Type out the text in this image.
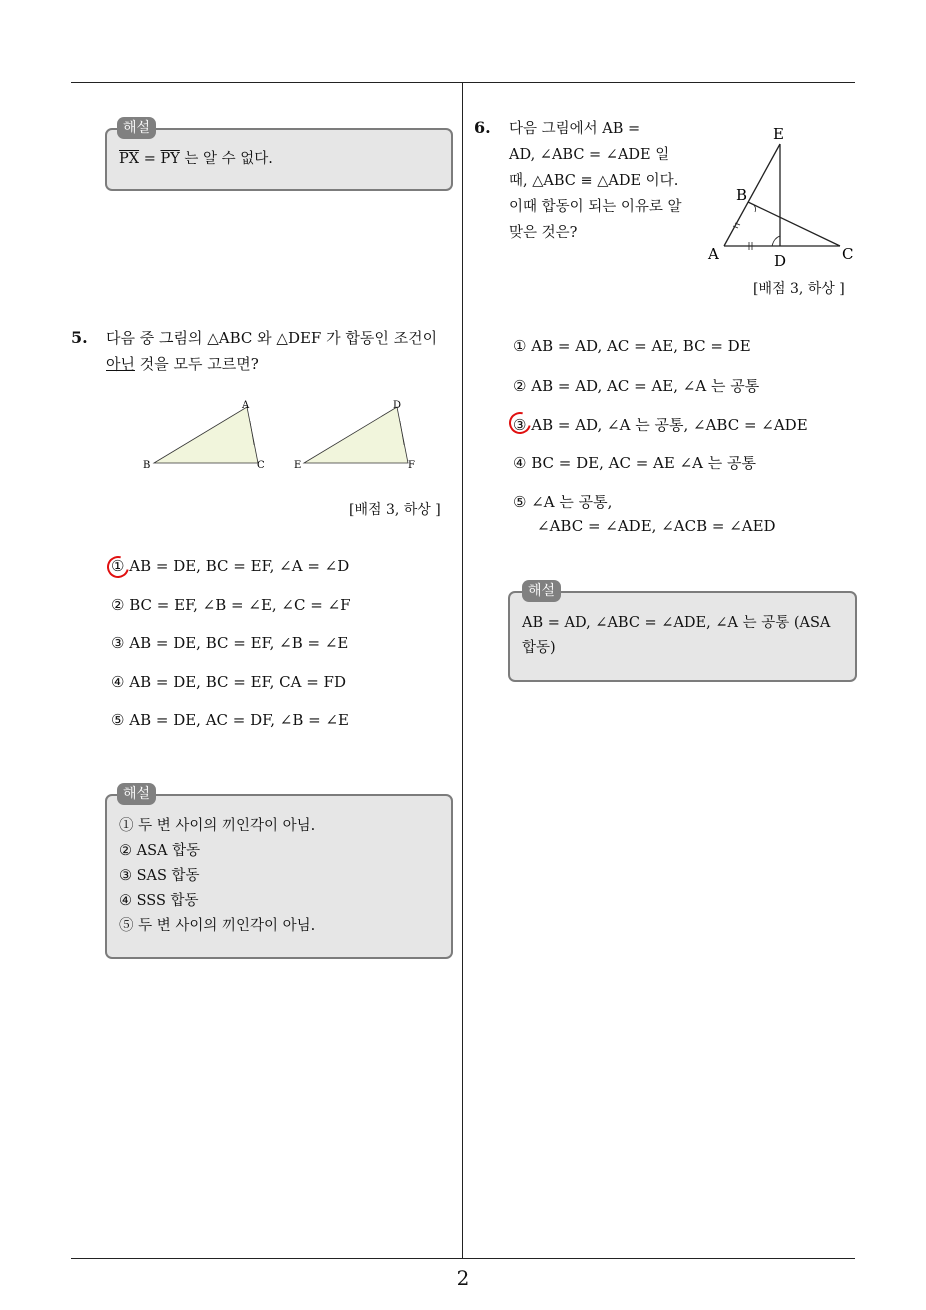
$\overline{PX} = \overline{PY}$ 는 알 수 없다.
해설
5. 다음 중 그림의 △ABC 와 △DEF 가 합동인 조건이
아닌 것을 모두 고르면?
A
B	C
D
E	F
[배점 3, 하상 ]
① AB = DE, BC = EF, ∠A = ∠D
② BC = EF, ∠B = ∠E, ∠C = ∠F
③ AB = DE, BC = EF, ∠B = ∠E
④ AB = DE, BC = EF, CA = FD
⑤ AB = DE, AC = DF, ∠B = ∠E
① 두 변 사이의 끼인각이 아님.
② ASA 합동
③ SAS 합동
④ SSS 합동
⑤ 두 변 사이의 끼인각이 아님.
해설
6. 다음 그림에서 AB =
AD, ∠ABC = ∠ADE 일
때, △ABC ≡ △ADE 이다.
이때 합동이 되는 이유로 알
맞은 것은?
E
B
A	D	C
[배점 3, 하상 ]
① AB = AD, AC = AE, BC = DE
② AB = AD, AC = AE, ∠A 는 공통
③ AB = AD, ∠A 는 공통, ∠ABC = ∠ADE
④ BC = DE, AC = AE ∠A 는 공통
⑤ ∠A 는 공통,
∠ABC = ∠ADE, ∠ACB = ∠AED
AB = AD, ∠ABC = ∠ADE, ∠A 는 공통 (ASA
합동)
해설
2
